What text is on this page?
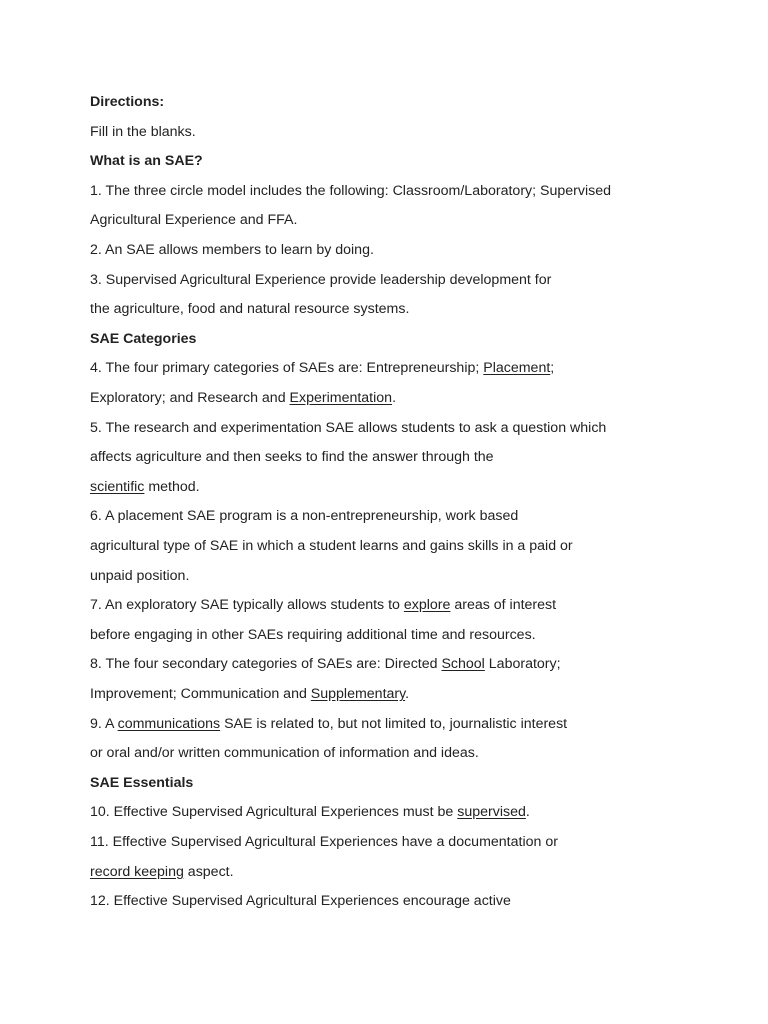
Directions:
Fill in the blanks.
What is an SAE?
1. The three circle model includes the following: Classroom/Laboratory; Supervised
Agricultural Experience and FFA.
2. An SAE allows members to learn by doing.
3. Supervised Agricultural Experience provide leadership development for
the agriculture, food and natural resource systems.
SAE Categories
4. The four primary categories of SAEs are: Entrepreneurship; Placement;
Exploratory; and Research and Experimentation.
5. The research and experimentation SAE allows students to ask a question which
affects agriculture and then seeks to find the answer through the
scientific method.
6. A placement SAE program is a non-entrepreneurship, work based
agricultural type of SAE in which a student learns and gains skills in a paid or
unpaid position.
7. An exploratory SAE typically allows students to explore areas of interest
before engaging in other SAEs requiring additional time and resources.
8. The four secondary categories of SAEs are: Directed School Laboratory;
Improvement; Communication and Supplementary.
9. A communications SAE is related to, but not limited to, journalistic interest
or oral and/or written communication of information and ideas.
SAE Essentials
10. Effective Supervised Agricultural Experiences must be supervised.
11. Effective Supervised Agricultural Experiences have a documentation or
record keeping aspect.
12. Effective Supervised Agricultural Experiences encourage active
